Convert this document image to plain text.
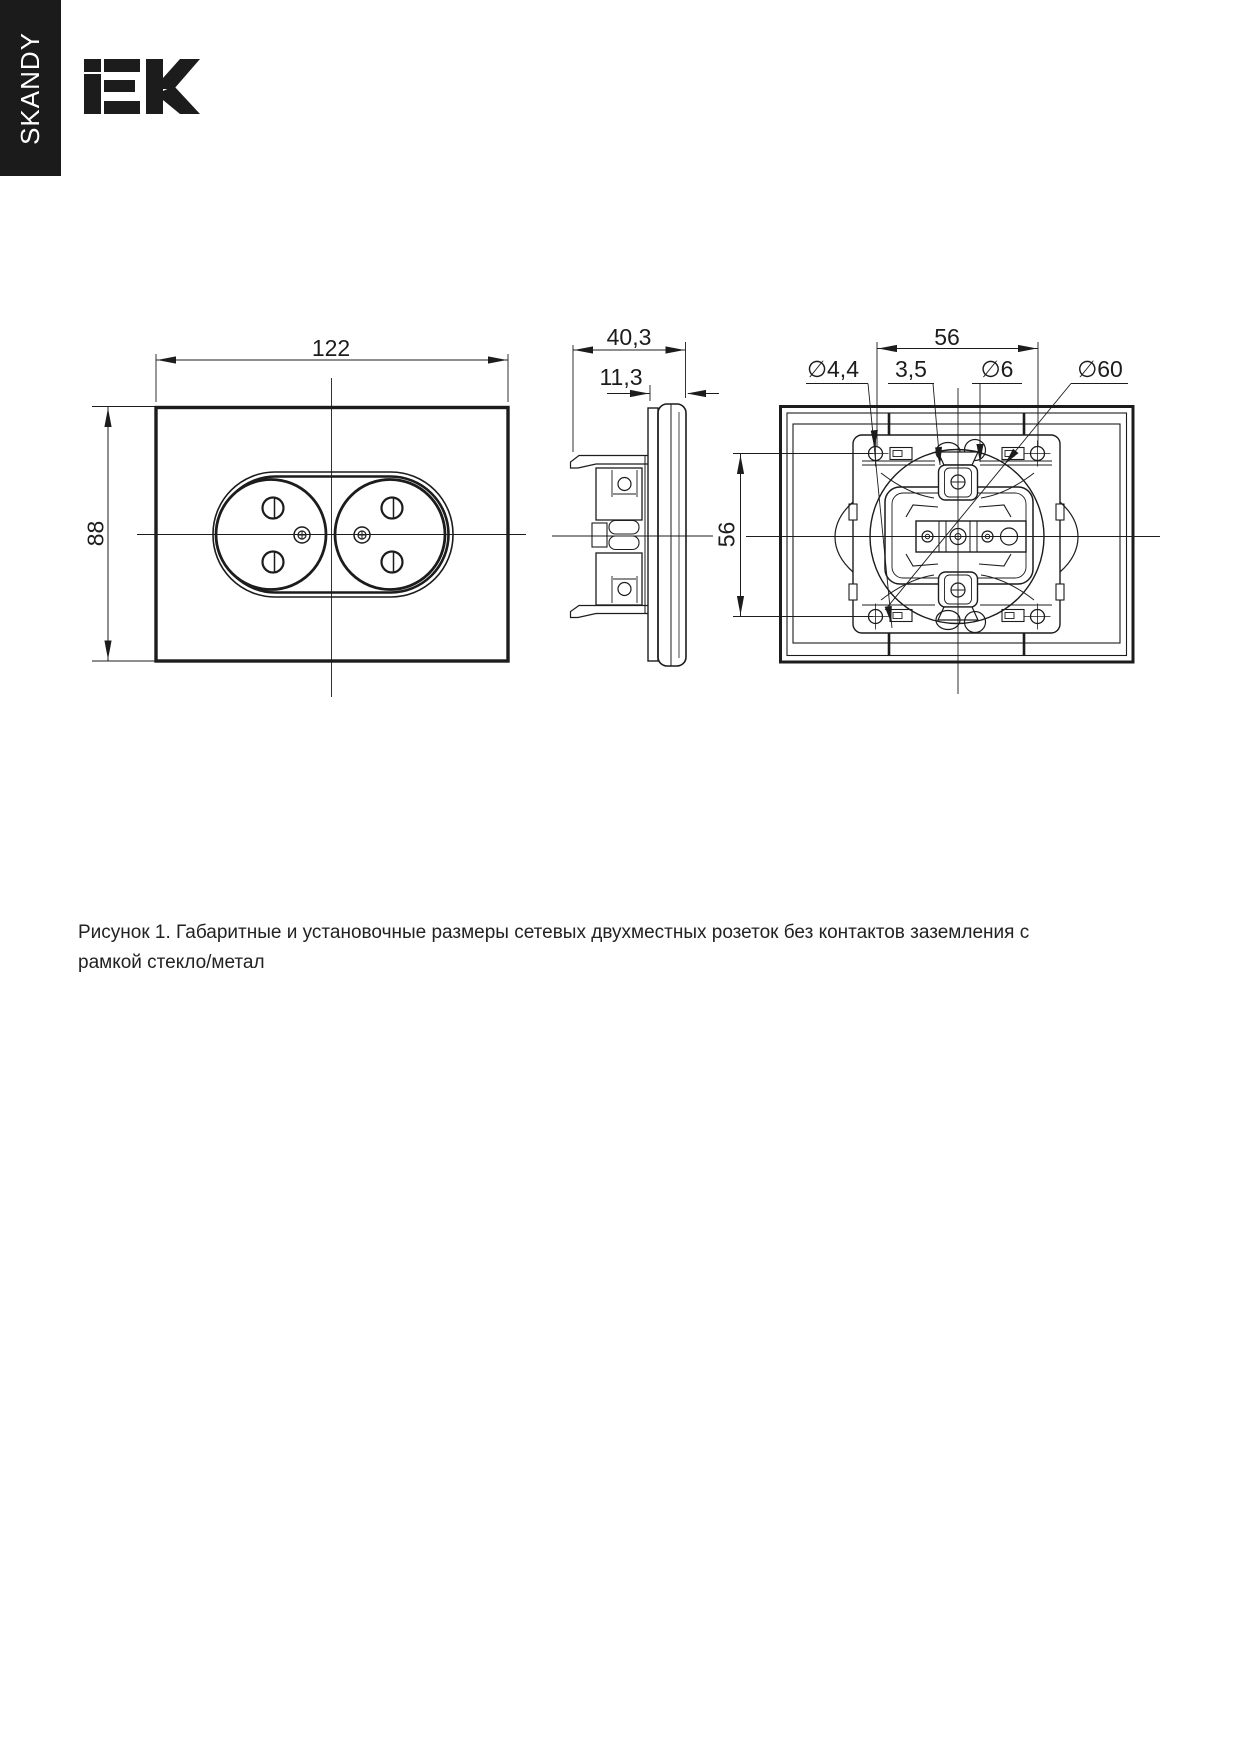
SKANDY
122
88
40,3
11,3
56
56
∅4,4	3,5	∅6	∅60
Рисунок 1. Габаритные и установочные размеры сетевых двухместных розеток без контактов заземления с
рамкой стекло/метал
